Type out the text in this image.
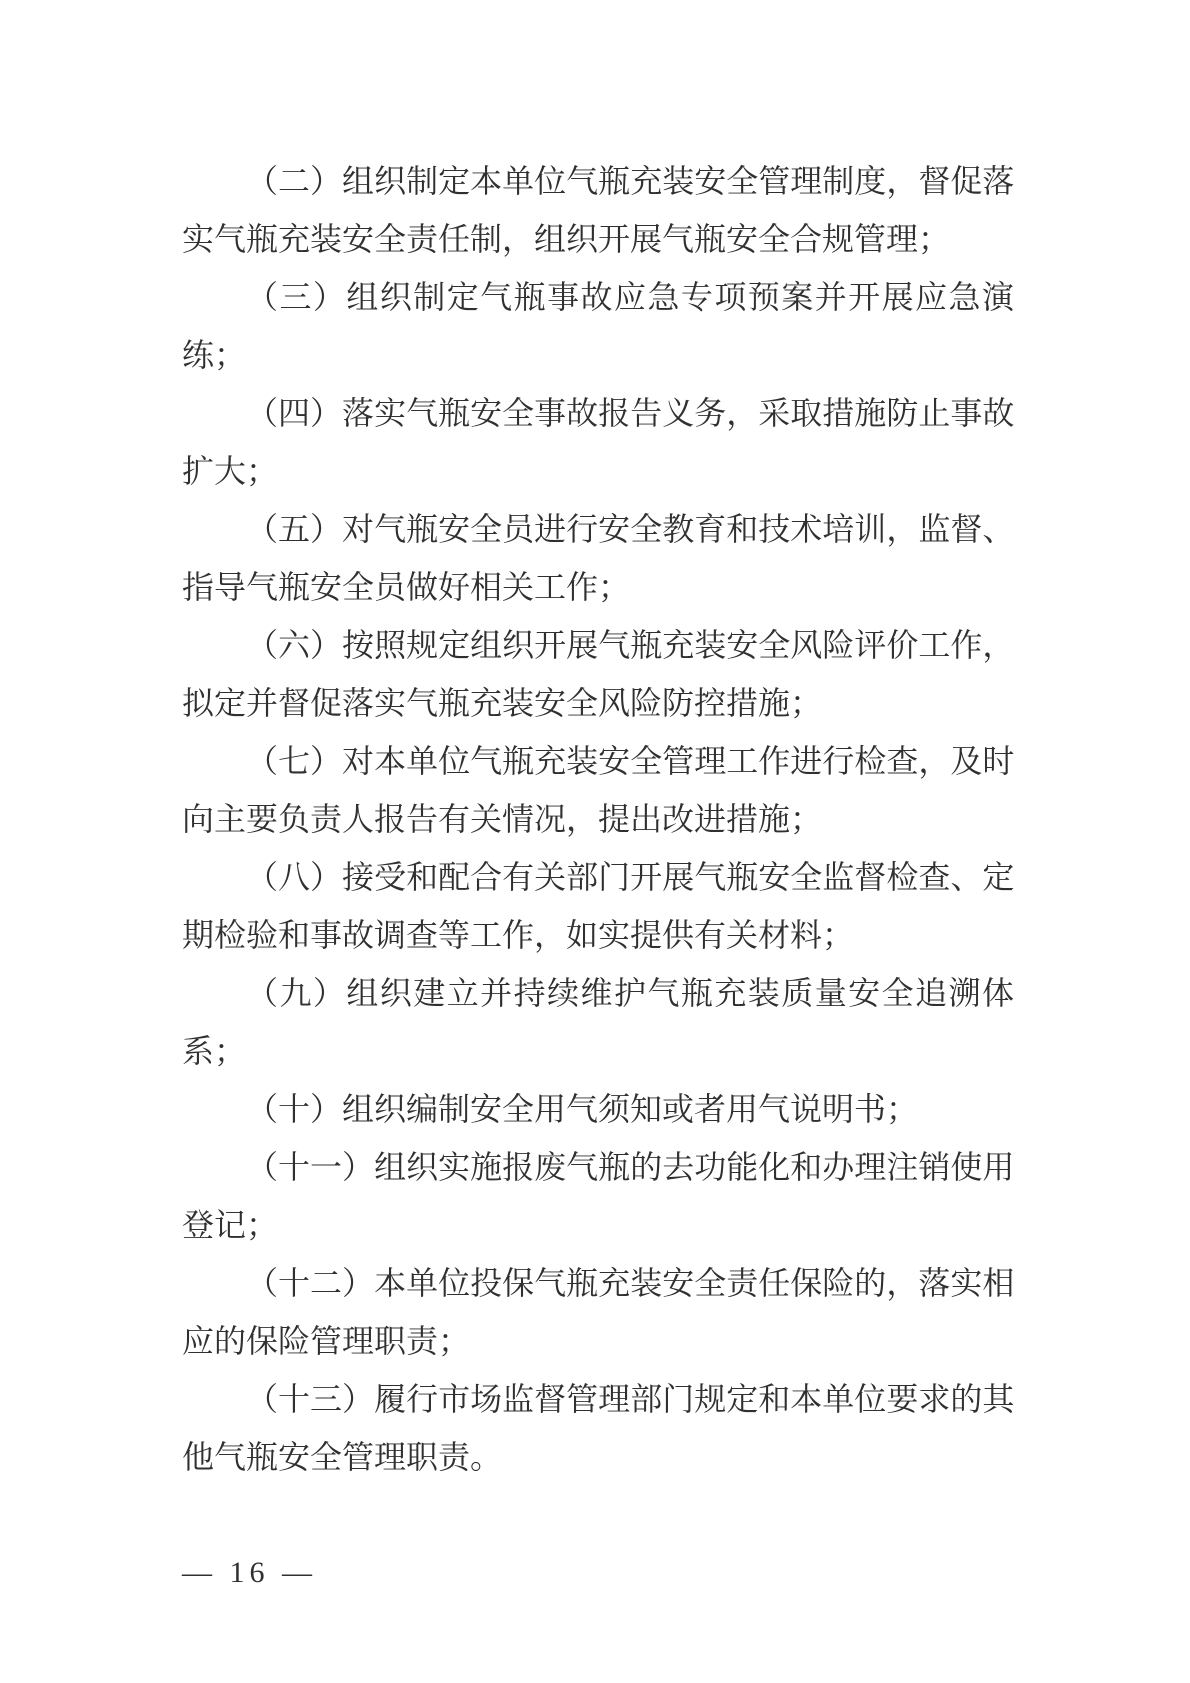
（ 二 ） 组 织 制 定 本 单 位 气 瓶 充 装 安 全 管 理 制 度 ， 督 促 落
实气瓶充装安全责任制，组织开展气瓶安全合规管理；
（ 三 ） 组 织 制 定 气 瓶 事 故 应 急 专 项 预 案 并 开 展 应 急 演
练；
（ 四 ） 落 实 气 瓶 安 全 事 故 报 告 义 务 ， 采 取 措 施 防 止 事 故
扩大；
（ 五 ） 对 气 瓶 安 全 员 进 行 安 全 教 育 和 技 术 培 训 ， 监 督 、
指导气瓶安全员做好相关工作；
（ 六 ） 按 照 规 定 组 织 开 展 气 瓶 充 装 安 全 风 险 评 价 工 作 ，
拟定并督促落实气瓶充装安全风险防控措施；
（ 七 ） 对 本 单 位 气 瓶 充 装 安 全 管 理 工 作 进 行 检 查 ， 及 时
向主要负责人报告有关情况，提出改进措施；
（ 八 ） 接 受 和 配 合 有 关 部 门 开 展 气 瓶 安 全 监 督 检 查 、 定
期检验和事故调查等工作，如实提供有关材料；
（ 九 ） 组 织 建 立 并 持 续 维 护 气 瓶 充 装 质 量 安 全 追 溯 体
系；
（十）组织编制安全用气须知或者用气说明书；
（ 十 一 ） 组 织 实 施 报 废 气 瓶 的 去 功 能 化 和 办 理 注 销 使 用
登记；
（ 十 二 ） 本 单 位 投 保 气 瓶 充 装 安 全 责 任 保 险 的 ， 落 实 相
应的保险管理职责；
（ 十 三 ） 履 行 市 场 监 督 管 理 部 门 规 定 和 本 单 位 要 求 的 其
他气瓶安全管理职责。
— 16 —
